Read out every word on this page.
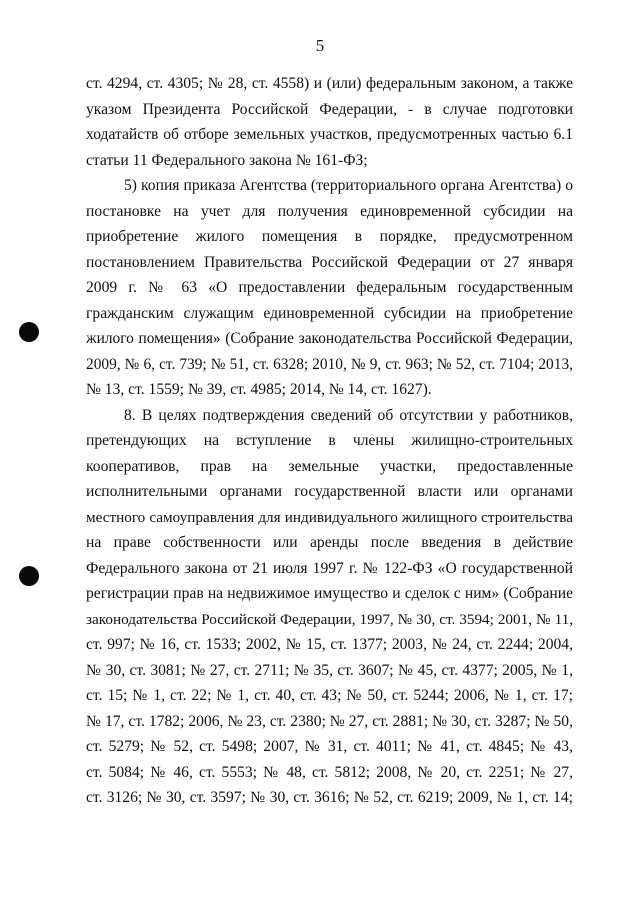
5
ст. 4294, ст. 4305; № 28, ст. 4558) и (или) федеральным законом, а также
указом Президента Российской Федерации, - в случае подготовки
ходатайств об отборе земельных участков, предусмотренных частью 6.1
статьи 11 Федерального закона № 161-ФЗ;
5) копия приказа Агентства (территориального органа Агентства) о
постановке на учет для получения единовременной субсидии на
приобретение жилого помещения в порядке, предусмотренном
постановлением Правительства Российской Федерации от 27 января
2009 г. № 63 «О предоставлении федеральным государственным
гражданским служащим единовременной субсидии на приобретение
жилого помещения» (Собрание законодательства Российской Федерации,
2009, № 6, ст. 739; № 51, ст. 6328; 2010, № 9, ст. 963; № 52, ст. 7104; 2013,
№ 13, ст. 1559; № 39, ст. 4985; 2014, № 14, ст. 1627).
8. В целях подтверждения сведений об отсутствии у работников,
претендующих на вступление в члены жилищно-строительных
кооперативов, прав на земельные участки, предоставленные
исполнительными органами государственной власти или органами
местного самоуправления для индивидуального жилищного строительства
на праве собственности или аренды после введения в действие
Федерального закона от 21 июля 1997 г. № 122-ФЗ «О государственной
регистрации прав на недвижимое имущество и сделок с ним» (Собрание
законодательства Российской Федерации, 1997, № 30, ст. 3594; 2001, № 11,
ст. 997; № 16, ст. 1533; 2002, № 15, ст. 1377; 2003, № 24, ст. 2244; 2004,
№ 30, ст. 3081; № 27, ст. 2711; № 35, ст. 3607; № 45, ст. 4377; 2005, № 1,
ст. 15; № 1, ст. 22; № 1, ст. 40, ст. 43; № 50, ст. 5244; 2006, № 1, ст. 17;
№ 17, ст. 1782; 2006, № 23, ст. 2380; № 27, ст. 2881; № 30, ст. 3287; № 50,
ст. 5279; № 52, ст. 5498; 2007, № 31, ст. 4011; № 41, ст. 4845; № 43,
ст. 5084; № 46, ст. 5553; № 48, ст. 5812; 2008, № 20, ст. 2251; № 27,
ст. 3126; № 30, ст. 3597; № 30, ст. 3616; № 52, ст. 6219; 2009, № 1, ст. 14;
